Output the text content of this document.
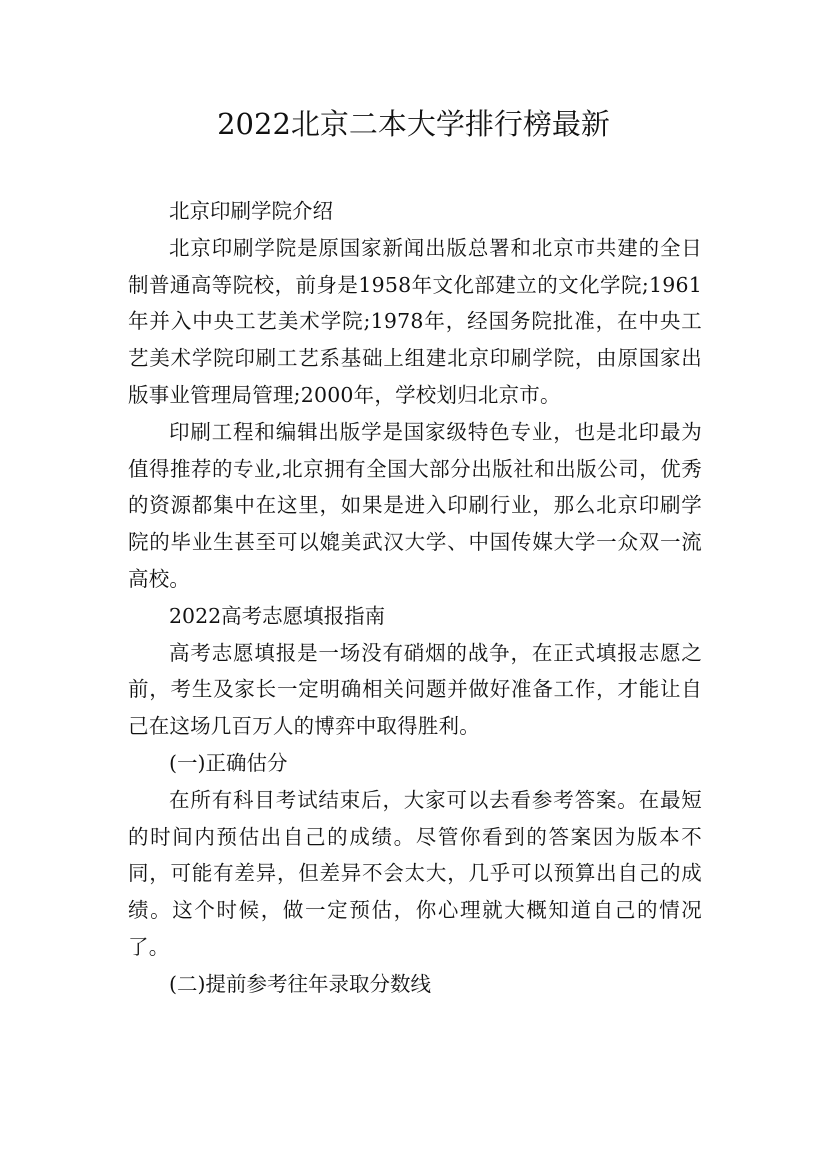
2022北京二本大学排行榜最新

北京印刷学院介绍

北京印刷学院是原国家新闻出版总署和北京市共建的全日制普通高等院校，前身是1958年文化部建立的文化学院;1961年并入中央工艺美术学院;1978年，经国务院批准，在中央工艺美术学院印刷工艺系基础上组建北京印刷学院，由原国家出版事业管理局管理;2000年，学校划归北京市。

印刷工程和编辑出版学是国家级特色专业，也是北印最为值得推荐的专业,北京拥有全国大部分出版社和出版公司，优秀的资源都集中在这里，如果是进入印刷行业，那么北京印刷学院的毕业生甚至可以媲美武汉大学、中国传媒大学一众双一流高校。

2022高考志愿填报指南

高考志愿填报是一场没有硝烟的战争，在正式填报志愿之前，考生及家长一定明确相关问题并做好准备工作，才能让自己在这场几百万人的博弈中取得胜利。

(一)正确估分

在所有科目考试结束后，大家可以去看参考答案。在最短的时间内预估出自己的成绩。尽管你看到的答案因为版本不同，可能有差异，但差异不会太大，几乎可以预算出自己的成绩。这个时候，做一定预估，你心理就大概知道自己的情况了。

(二)提前参考往年录取分数线
